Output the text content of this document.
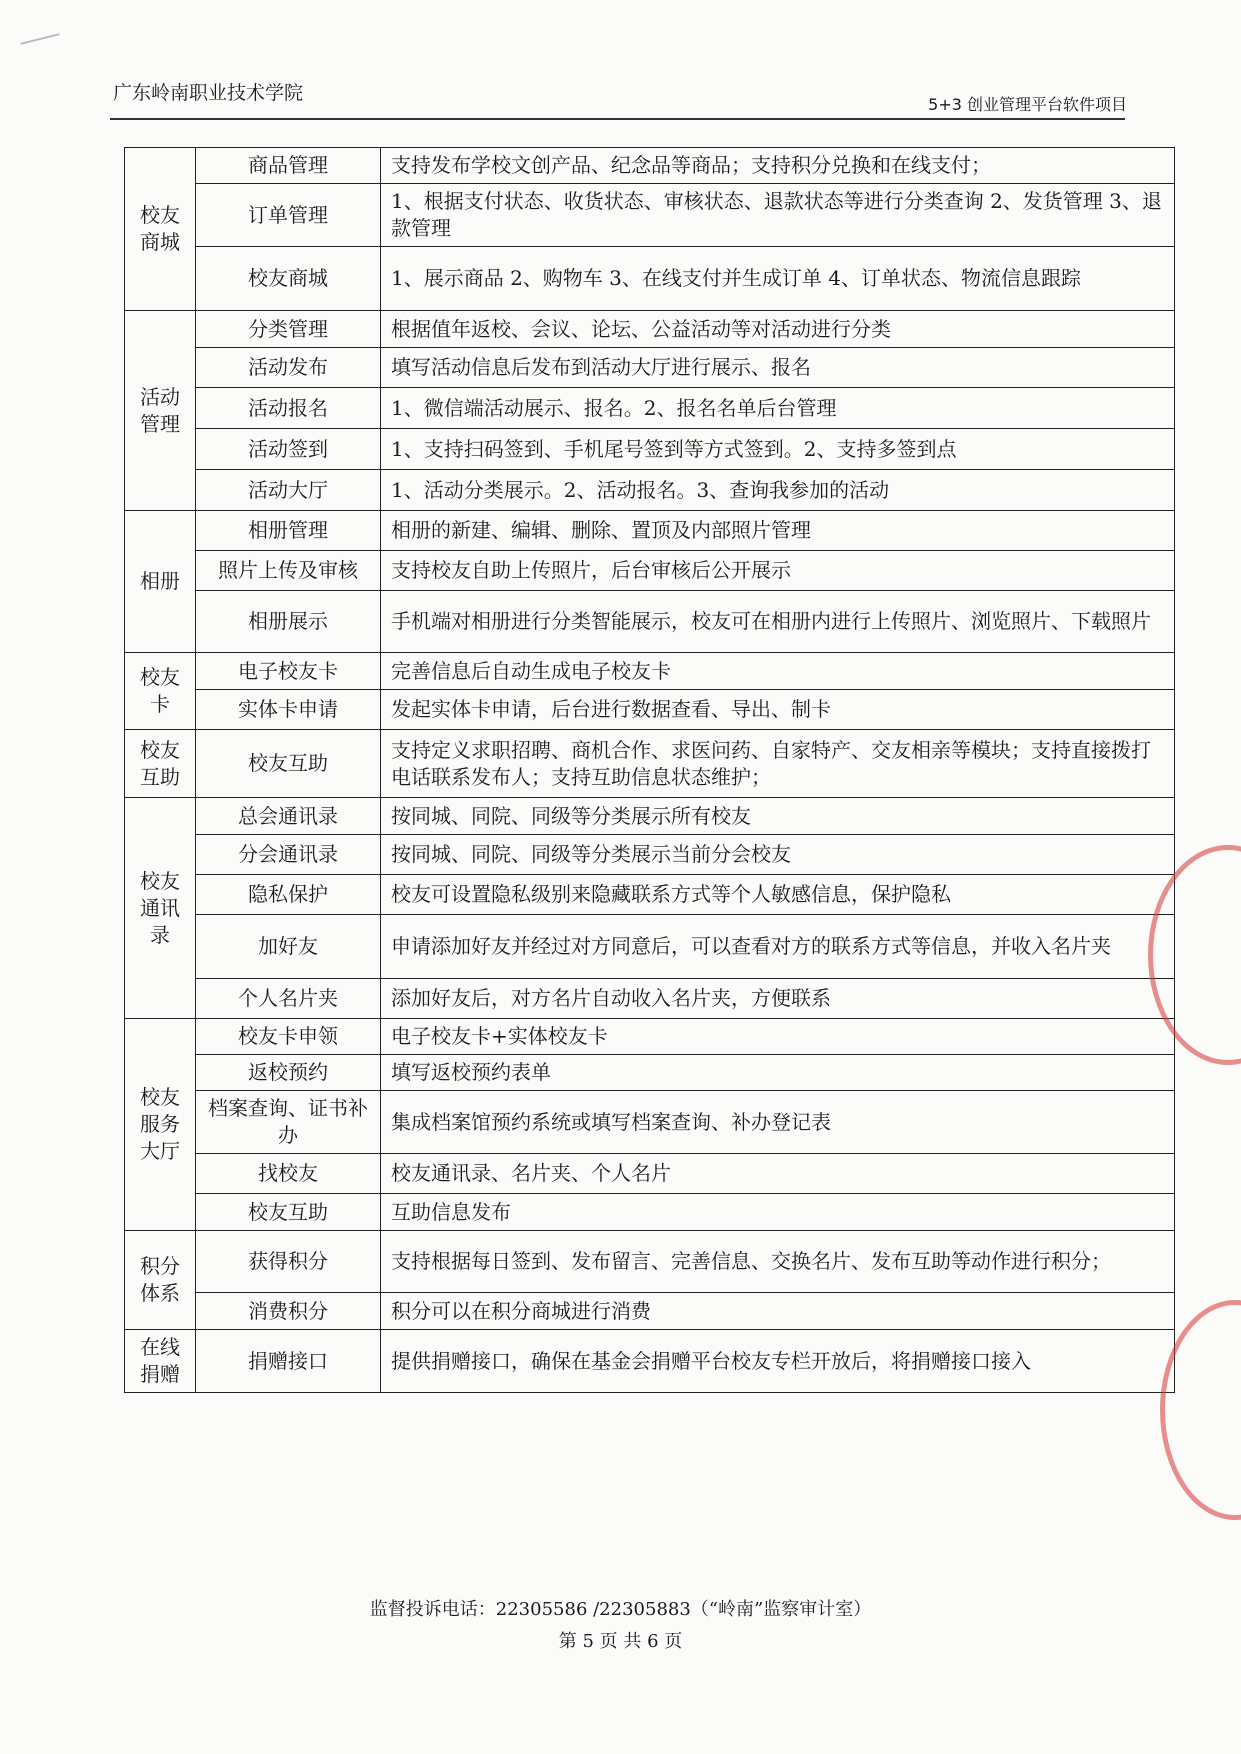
广东岭南职业技术学院
5+3 创业管理平台软件项目
校友
商城	商品管理	支持发布学校文创产品、纪念品等商品；支持积分兑换和在线支付；
	订单管理	1、根据支付状态、收货状态、审核状态、退款状态等进行分类查询 2、发货管理 3、退款管理
	校友商城	1、展示商品 2、购物车 3、在线支付并生成订单 4、订单状态、物流信息跟踪
活动
管理	分类管理	根据值年返校、会议、论坛、公益活动等对活动进行分类
	活动发布	填写活动信息后发布到活动大厅进行展示、报名
	活动报名	1、微信端活动展示、报名。2、报名名单后台管理
	活动签到	1、支持扫码签到、手机尾号签到等方式签到。2、支持多签到点
	活动大厅	1、活动分类展示。2、活动报名。3、查询我参加的活动
相册	相册管理	相册的新建、编辑、删除、置顶及内部照片管理
	照片上传及审核	支持校友自助上传照片，后台审核后公开展示
	相册展示	手机端对相册进行分类智能展示，校友可在相册内进行上传照片、浏览照片、下载照片
校友
卡	电子校友卡	完善信息后自动生成电子校友卡
	实体卡申请	发起实体卡申请，后台进行数据查看、导出、制卡
校友
互助	校友互助	支持定义求职招聘、商机合作、求医问药、自家特产、交友相亲等模块；支持直接拨打电话联系发布人；支持互助信息状态维护；
校友
通讯
录	总会通讯录	按同城、同院、同级等分类展示所有校友
	分会通讯录	按同城、同院、同级等分类展示当前分会校友
	隐私保护	校友可设置隐私级别来隐藏联系方式等个人敏感信息，保护隐私
	加好友	申请添加好友并经过对方同意后，可以查看对方的联系方式等信息，并收入名片夹
	个人名片夹	添加好友后，对方名片自动收入名片夹，方便联系
校友
服务
大厅	校友卡申领	电子校友卡+实体校友卡
	返校预约	填写返校预约表单
	档案查询、证书补办	集成档案馆预约系统或填写档案查询、补办登记表
	找校友	校友通讯录、名片夹、个人名片
	校友互助	互助信息发布
积分
体系	获得积分	支持根据每日签到、发布留言、完善信息、交换名片、发布互助等动作进行积分；
	消费积分	积分可以在积分商城进行消费
在线
捐赠	捐赠接口	提供捐赠接口，确保在基金会捐赠平台校友专栏开放后，将捐赠接口接入
监督投诉电话：22305586 /22305883（“岭南”监察审计室）
第 5 页 共 6 页
